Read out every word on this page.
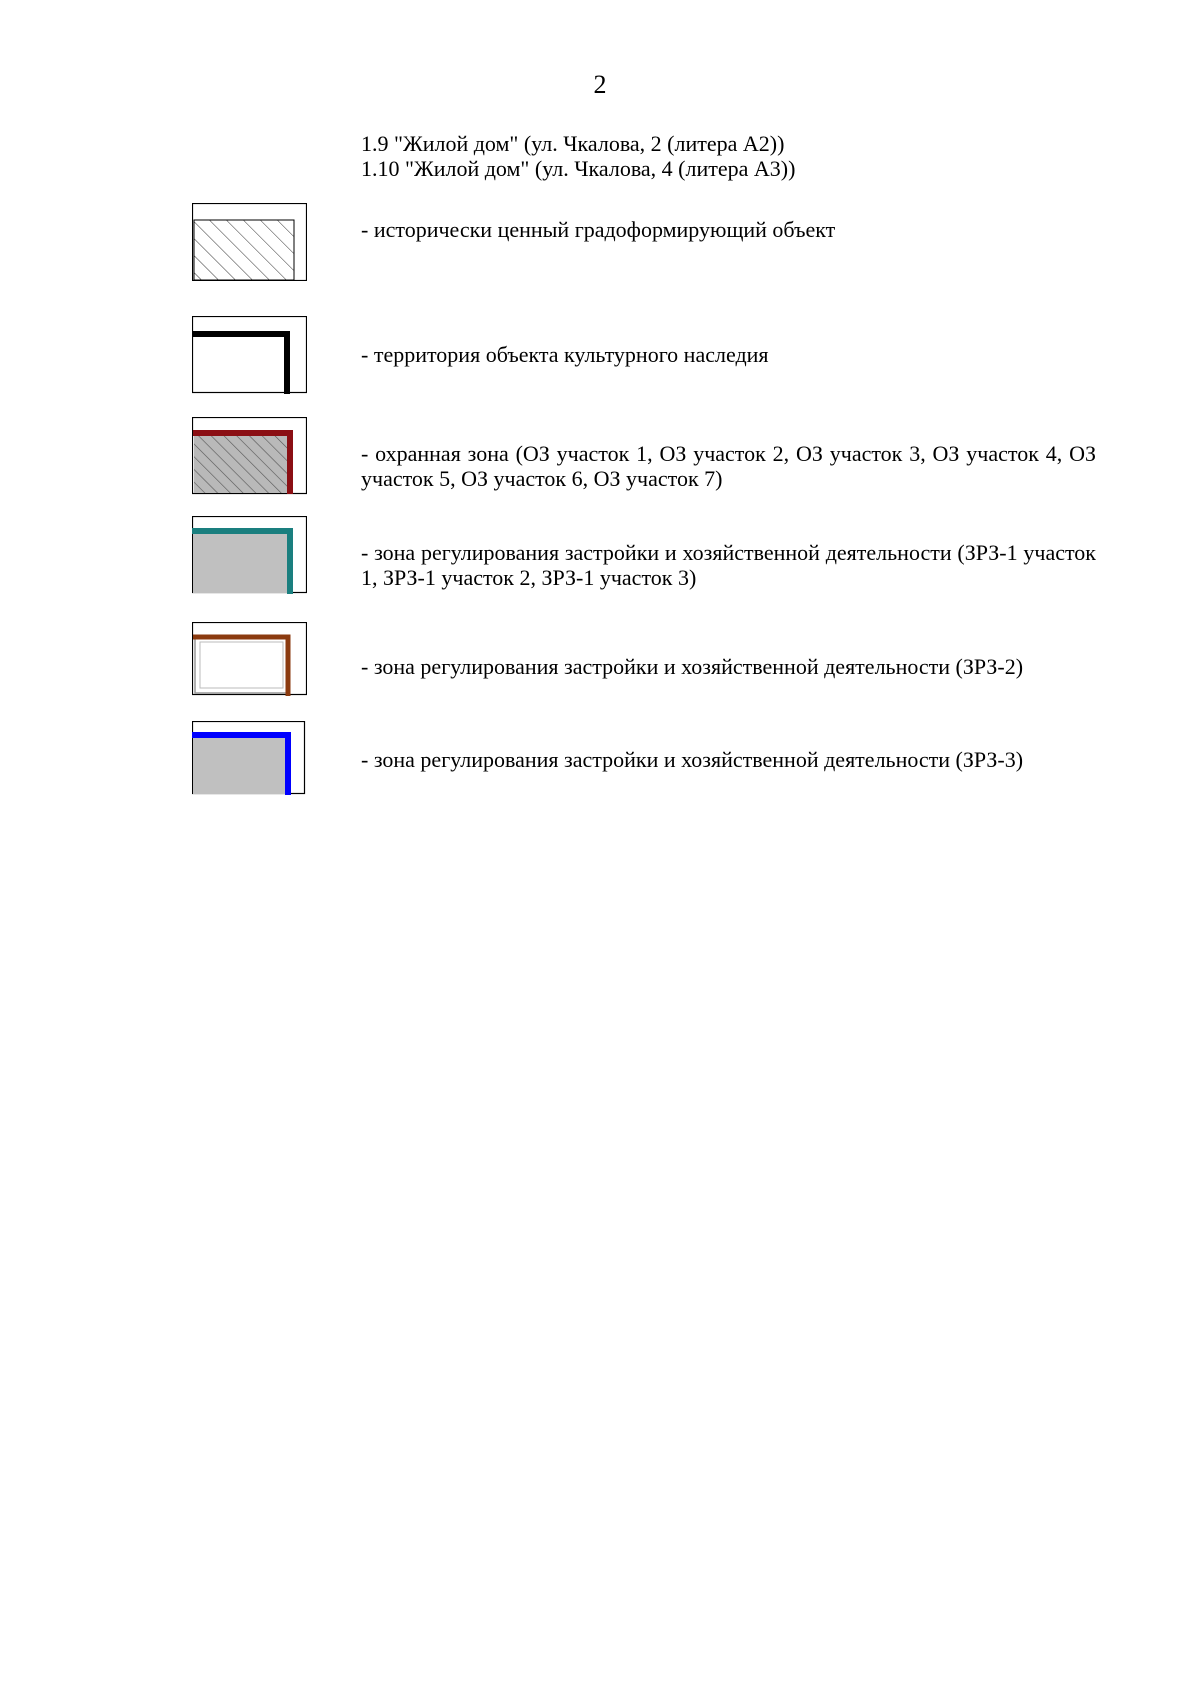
2
1.9 "Жилой дом" (ул. Чкалова, 2 (литера А2))
1.10 "Жилой дом" (ул. Чкалова, 4 (литера А3))
- исторически ценный градоформирующий объект
- территория объекта культурного наследия
- охранная зона (ОЗ участок 1, ОЗ участок 2, ОЗ участок 3, ОЗ участок 4, ОЗ участок 5, ОЗ участок 6, ОЗ участок 7)
- зона регулирования застройки и хозяйственной деятельности (ЗРЗ-1 участок 1, ЗРЗ-1 участок 2, ЗРЗ-1 участок 3)
- зона регулирования застройки и хозяйственной деятельности (ЗРЗ-2)
- зона регулирования застройки и хозяйственной деятельности (ЗРЗ-3)
